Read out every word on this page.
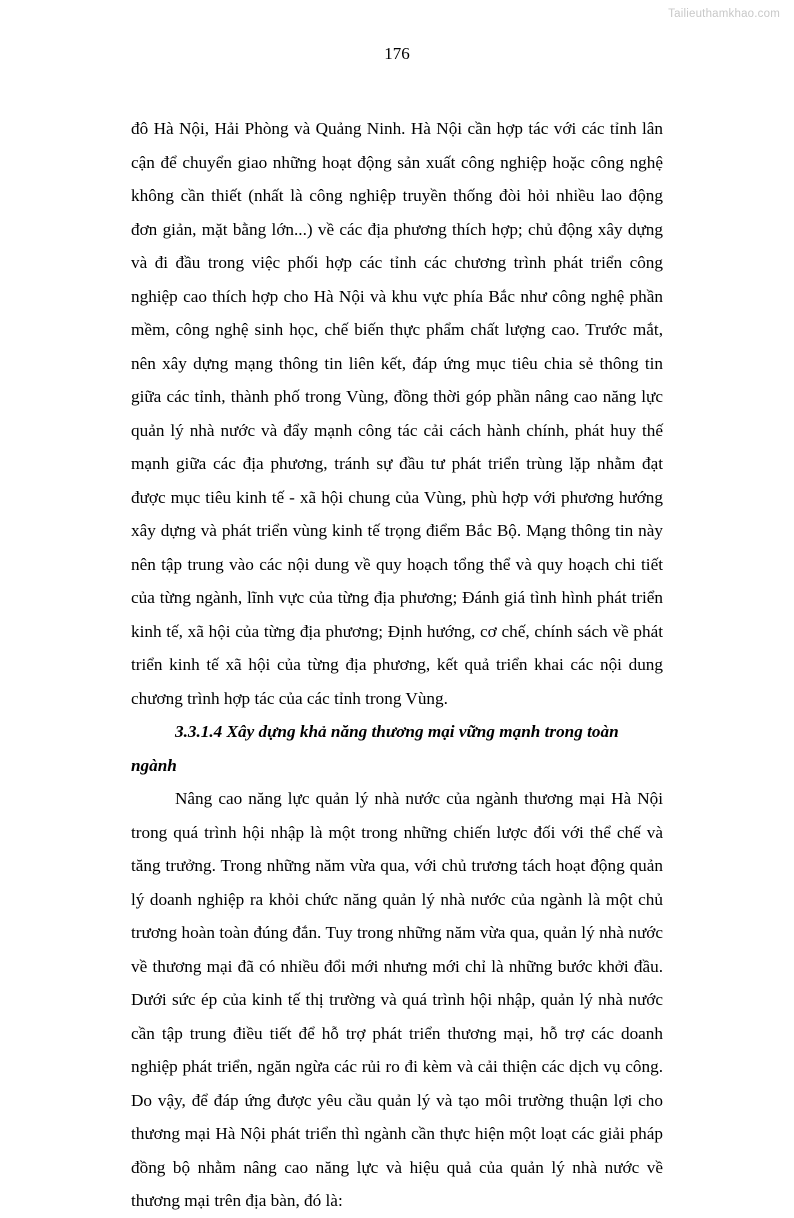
Tailieuthamkhao.com
176

đô Hà Nội, Hải Phòng và Quảng Ninh. Hà Nội cần hợp tác với các tỉnh lân cận để chuyển giao những hoạt động sản xuất công nghiệp hoặc công nghệ không cần thiết (nhất là công nghiệp truyền thống đòi hỏi nhiều lao động đơn giản, mặt bằng lớn...) về các địa phương thích hợp; chủ động xây dựng và đi đầu trong việc phối hợp các tỉnh các chương trình phát triển công nghiệp cao thích hợp cho Hà Nội và khu vực phía Bắc như công nghệ phần mềm, công nghệ sinh học, chế biến thực phẩm chất lượng cao. Trước mắt, nên xây dựng mạng thông tin liên kết, đáp ứng mục tiêu chia sẻ thông tin giữa các tỉnh, thành phố trong Vùng, đồng thời góp phần nâng cao năng lực quản lý nhà nước và đẩy mạnh công tác cải cách hành chính, phát huy thế mạnh giữa các địa phương, tránh sự đầu tư phát triển trùng lặp nhằm đạt được mục tiêu kinh tế - xã hội chung của Vùng, phù hợp với phương hướng xây dựng và phát triển vùng kinh tế trọng điểm Bắc Bộ. Mạng thông tin này nên tập trung vào các nội dung về quy hoạch tổng thể và quy hoạch chi tiết của từng ngành, lĩnh vực của từng địa phương; Đánh giá tình hình phát triển kinh tế, xã hội của từng địa phương; Định hướng, cơ chế, chính sách về phát triển kinh tế xã hội của từng địa phương, kết quả triển khai các nội dung chương trình hợp tác của các tỉnh trong Vùng.

3.3.1.4 Xây dựng khả năng thương mại vững mạnh trong toàn ngành

Nâng cao năng lực quản lý nhà nước của ngành thương mại Hà Nội trong quá trình hội nhập là một trong những chiến lược đối với thể chế và tăng trưởng. Trong những năm vừa qua, với chủ trương tách hoạt động quản lý doanh nghiệp ra khỏi chức năng quản lý nhà nước của ngành là một chủ trương hoàn toàn đúng đắn. Tuy trong những năm vừa qua, quản lý nhà nước về thương mại đã có nhiều đổi mới nhưng mới chỉ là những bước khởi đầu. Dưới sức ép của kinh tế thị trường và quá trình hội nhập, quản lý nhà nước cần tập trung điều tiết để hỗ trợ phát triển thương mại, hỗ trợ các doanh nghiệp phát triển, ngăn ngừa các rủi ro đi kèm và cải thiện các dịch vụ công. Do vậy, để đáp ứng được yêu cầu quản lý và tạo môi trường thuận lợi cho thương mại Hà Nội phát triển thì ngành cần thực hiện một loạt các giải pháp đồng bộ nhằm nâng cao năng lực và hiệu quả của quản lý nhà nước về thương mại trên địa bàn, đó là:
